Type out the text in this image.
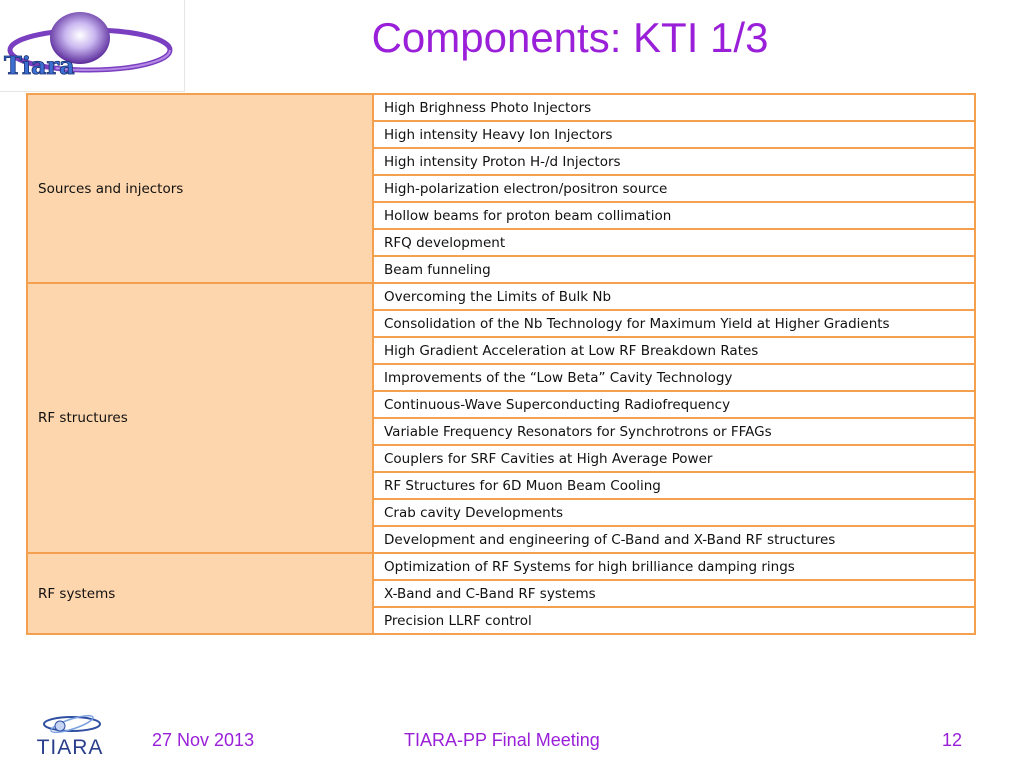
Tiara
Components: KTI 1/3
Sources and injectors	High Brighness Photo Injectors
	High intensity Heavy Ion Injectors
	High intensity Proton H-/d Injectors
	High-polarization electron/positron source
	Hollow beams for proton beam collimation
	RFQ development
	Beam funneling
RF structures	Overcoming the Limits of Bulk Nb
	Consolidation of the Nb Technology for Maximum Yield at Higher Gradients
	High Gradient Acceleration at Low RF Breakdown Rates
	Improvements of the “Low Beta” Cavity Technology
	Continuous-Wave Superconducting Radiofrequency
	Variable Frequency Resonators for Synchrotrons or FFAGs
	Couplers for SRF Cavities at High Average Power
	RF Structures for 6D Muon Beam Cooling
	Crab cavity Developments
	Development and engineering of C-Band and X-Band RF structures
RF systems	Optimization of RF Systems for high brilliance damping rings
	X-Band and C-Band RF systems
	Precision LLRF control
TIARA	27 Nov 2013	TIARA-PP Final Meeting	12
